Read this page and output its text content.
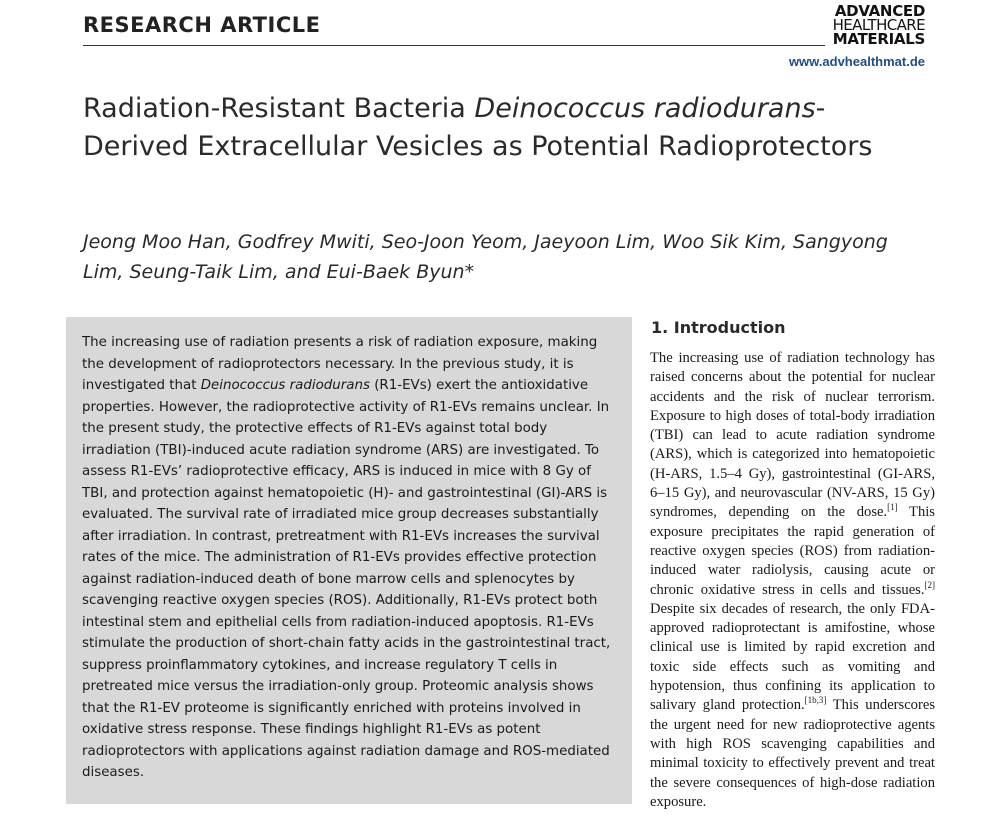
RESEARCH ARTICLE
ADVANCED
HEALTHCARE
MATERIALS
www.advhealthmat.de
Radiation-Resistant Bacteria Deinococcus radiodurans-Derived Extracellular Vesicles as Potential Radioprotectors
Jeong Moo Han, Godfrey Mwiti, Seo-Joon Yeom, Jaeyoon Lim, Woo Sik Kim, Sangyong Lim, Seung-Taik Lim, and Eui-Baek Byun*

The increasing use of radiation presents a risk of radiation exposure, making the development of radioprotectors necessary. In the previous study, it is investigated that Deinococcus radiodurans (R1-EVs) exert the antioxidative properties. However, the radioprotective activity of R1-EVs remains unclear. In the present study, the protective effects of R1-EVs against total body irradiation (TBI)-induced acute radiation syndrome (ARS) are investigated. To assess R1-EVs’ radioprotective efficacy, ARS is induced in mice with 8 Gy of TBI, and protection against hematopoietic (H)- and gastrointestinal (GI)-ARS is evaluated. The survival rate of irradiated mice group decreases substantially after irradiation. In contrast, pretreatment with R1-EVs increases the survival rates of the mice. The administration of R1-EVs provides effective protection against radiation-induced death of bone marrow cells and splenocytes by scavenging reactive oxygen species (ROS). Additionally, R1-EVs protect both intestinal stem and epithelial cells from radiation-induced apoptosis. R1-EVs stimulate the production of short-chain fatty acids in the gastrointestinal tract, suppress proinflammatory cytokines, and increase regulatory T cells in pretreated mice versus the irradiation-only group. Proteomic analysis shows that the R1-EV proteome is significantly enriched with proteins involved in oxidative stress response. These findings highlight R1-EVs as potent radioprotectors with applications against radiation damage and ROS-mediated diseases.

1. Introduction

The increasing use of radiation technology has raised concerns about the potential for nuclear accidents and the risk of nuclear terrorism. Exposure to high doses of total-body irradiation (TBI) can lead to acute radiation syndrome (ARS), which is categorized into hematopoietic (H-ARS, 1.5–4 Gy), gastrointestinal (GI-ARS, 6–15 Gy), and neurovascular (NV-ARS, 15 Gy) syndromes, depending on the dose.[1] This exposure precipitates the rapid generation of reactive oxygen species (ROS) from radiation-induced water radiolysis, causing acute or chronic oxidative stress in cells and tissues.[2] Despite six decades of research, the only FDA-approved radioprotectant is amifostine, whose clinical use is limited by rapid excretion and toxic side effects such as vomiting and hypotension, thus confining its application to salivary gland protection.[1b,3] This underscores the urgent need for new radioprotective agents with high ROS scavenging capabilities and minimal toxicity to effectively prevent and treat the severe consequences of high-dose radiation exposure.
